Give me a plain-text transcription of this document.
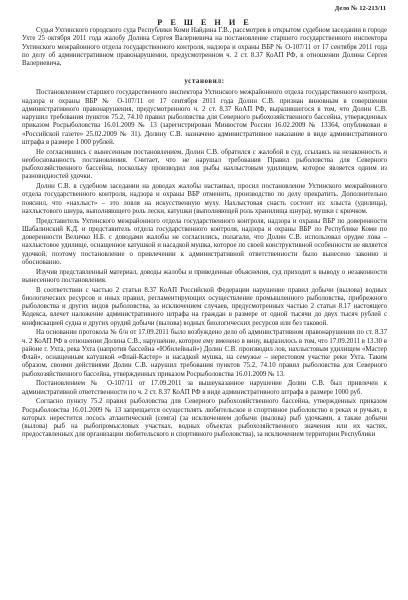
Дело № 12-213/11
Р Е Ш Е Н И Е

Судья Ухтинского городского суда Республики Коми Найдина Г.В., рассмотрев в открытом судебном заседании в городе Ухте 25 октября 2011 года жалобу Долина Сергея Валериевича на постановление старшего государственного инспектора Ухтинского межрайонного отдела государственного контроля, надзора и охраны ВБР № О-107/11 от 17 сентября 2011 года по делу об административном правонарушении, предусмотренном ч. 2 ст. 8.37 КоАП РФ, в отношении Долина Сергея Валериевича,

установил:

Постановлением старшего государственного инспектора Ухтинского межрайонного отдела государственного контроля, надзора и охраны ВБР № О-107/11 от 17 сентября 2011 года Долин С.В. признан виновным в совершении административного правонарушения, предусмотренного ч. 2 ст. 8.37 КоАП РФ, выразившегося в том, что Долин С.В. нарушил требования пунктов 75.2, 74.10 правил рыболовства для Северного рыбохозяйственного бассейна, утвержденных приказом Росрыболовства 16.01.2009 № 13 (зарегистрирован Минюстом России 16.02.2009 № 13364, опубликован в «Российской газете» 25.02.2009 № 31). Долину С.В. назначено административное наказание в виде административного штрафа в размере 1 000 рублей.

Не согласившись с вынесенным постановлением, Долин С.В. обратился с жалобой в суд, ссылаясь на незаконность и необоснованность постановления. Считает, что не нарушал требования Правил рыболовства для Северного рыбохозяйственного бассейна, поскольку производил лов рыбы нахлыстовым удилищем, которое является одним из разновидностей удочки.

Долин С.В. в судебном заседании на доводах жалобы настаивал, просил постановление Ухтинского межрайонного отдела государственного контроля, надзора и охраны ВБР отменить, производство по делу прекратить. Дополнительно пояснил, что «нахлыст» – это ловля на искусственную муху. Нахлыстовая снасть состоит из: хлыста (удилища), нахлыстового шнура, выполняющего роль лески, катушки (выполняющей роль хранилища шнура), мушки с крючком.

Представитель Ухтинского межрайонного отдела государственного контроля, надзора и охраны ВБР по доверенности Шабалинский К.Д. и представитель отдела государственного контроля, надзора и охраны ВБР по Республике Коми по доверенности Величко Н.Б. с доводами жалобы не согласились, полагали, что Долин С.В. использовал орудие лова – нахлыстовое удилище, оснащенное катушкой и насадкой мушка, которое по своей конструктивной особенности не является удочкой, поэтому постановление о привлечении к административной ответственности было вынесено законно и обоснованно.

Изучив представленный материал, доводы жалобы и приведенные объяснения, суд приходит к выводу о незаконности вынесенного постановления.

В соответствии с частью 2 статьи 8.37 КоАП Российской Федерации нарушение правил добычи (вылова) водных биологических ресурсов и иных правил, регламентирующих осуществление промышленного рыболовства, прибрежного рыболовства и других видов рыболовства, за исключением случаев, предусмотренных частью 2 статьи 8.17 настоящего Кодекса, влечет наложение административного штрафа на граждан в размере от одной тысячи до двух тысяч рублей с конфискацией судна и других орудий добычи (вылова) водных биологических ресурсов или без таковой.

На основании протокола № б/н от 17.09.2011 было возбуждено дело об административном правонарушении по ст. 8.37 ч. 2 КоАП РФ в отношении Долина С.В., нарушение, которое ему вменено в вину, выразилось в том, что 17.09.2011 в 13.30 в районе г. Ухта, река Ухта (напротив бассейна «Юбилейный») Долин С.В. производил лов, нахлыстовым удилищем «Мастер Флай», оснащенным катушкой «Флай-Кастер» и насадкой мушка, на семужье – нерестовом участке реки Ухта. Таким образом, своими действиями Долин С.В. нарушил требования пунктов 75.2, 74.10 правил рыболовства для Северного рыбохозяйственного бассейна, утвержденных приказом Росрыболовства 16.01.2009 № 13.

Постановлением № О-107/11 от 17.09.2011 за вышеуказанное нарушение Долин С.В. был привлечен к административной ответственности по ч. 2 ст. 8.37 КоАП РФ в виде административного штрафа в размере 1000 руб.

Согласно пункту 75.2 правил рыболовства для Северного рыбохозяйственного бассейна, утвержденных приказом Росрыболовства 16.01.2009 № 13 запрещается осуществлять любительское и спортивное рыболовство в реках и ручьях, в которых нерестится лосось атлантический (семга) (за исключением добычи (вылова) рыб удочками, а также добычи (вылова) рыб на рыбопромысловых участках, водных объектах рыбохозяйственного значения или их частях, предоставленных для организации любительского и спортивного рыболовства), за исключением территории Республики
